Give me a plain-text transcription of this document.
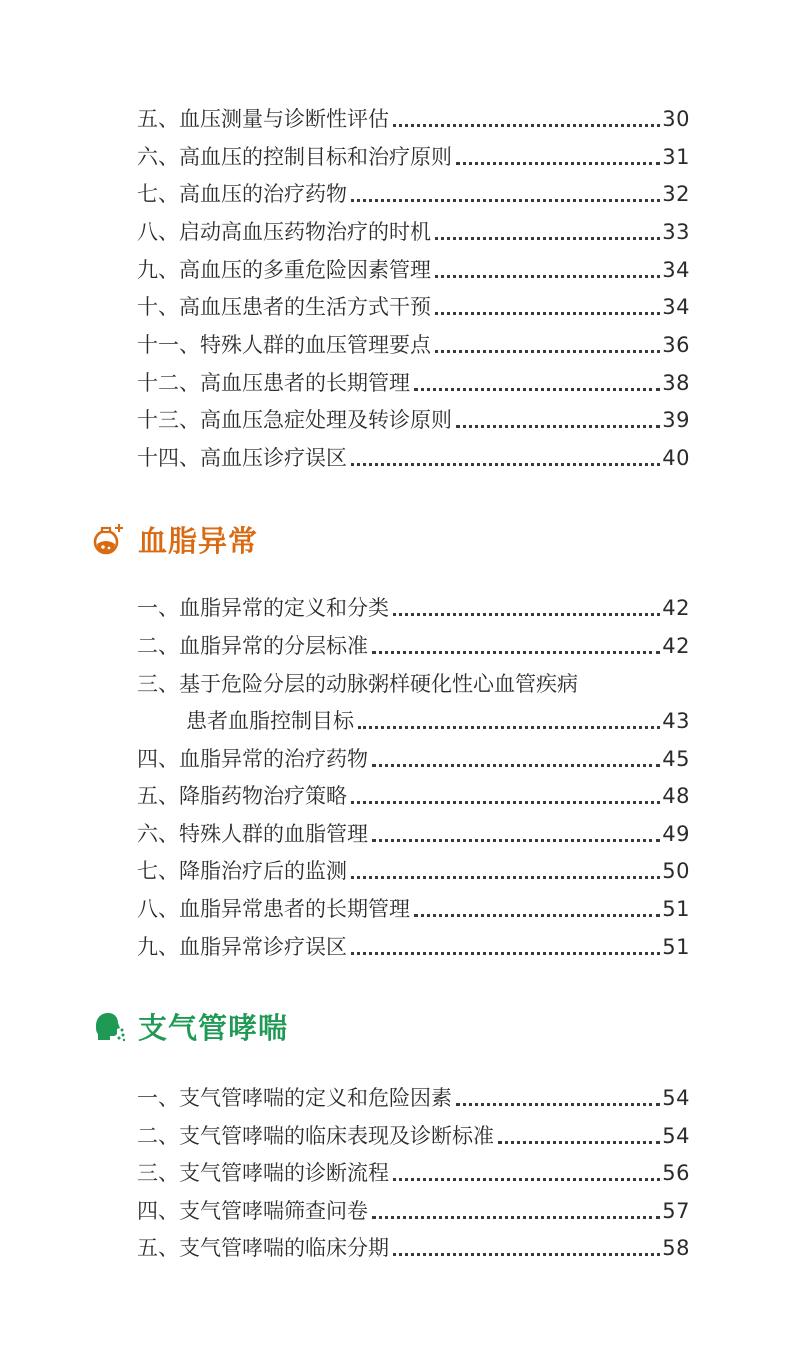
五、血压测量与诊断性评估	30
六、高血压的控制目标和治疗原则	31
七、高血压的治疗药物	32
八、启动高血压药物治疗的时机	33
九、高血压的多重危险因素管理	34
十、高血压患者的生活方式干预	34
十一、特殊人群的血压管理要点	36
十二、高血压患者的长期管理	38
十三、高血压急症处理及转诊原则	39
十四、高血压诊疗误区	40
血脂异常
一、血脂异常的定义和分类	42
二、血脂异常的分层标准	42
三、基于危险分层的动脉粥样硬化性心血管疾病
患者血脂控制目标	43
四、血脂异常的治疗药物	45
五、降脂药物治疗策略	48
六、特殊人群的血脂管理	49
七、降脂治疗后的监测	50
八、血脂异常患者的长期管理	51
九、血脂异常诊疗误区	51
支气管哮喘
一、支气管哮喘的定义和危险因素	54
二、支气管哮喘的临床表现及诊断标准	54
三、支气管哮喘的诊断流程	56
四、支气管哮喘筛查问卷	57
五、支气管哮喘的临床分期	58
